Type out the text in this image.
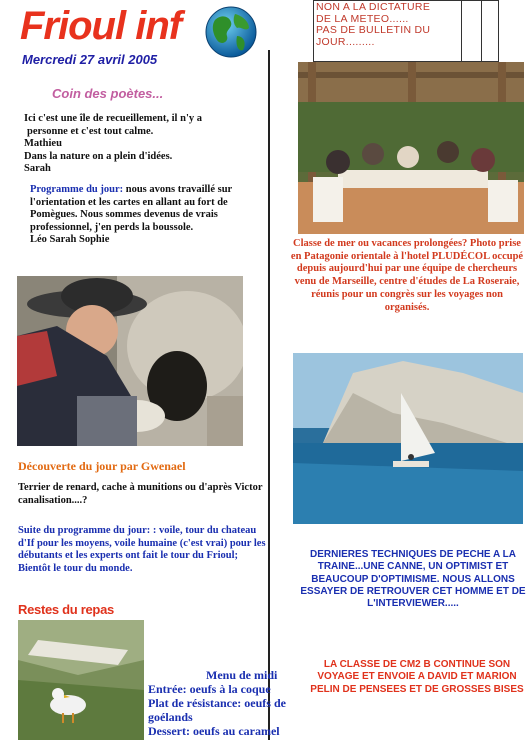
Frioul inf
Mercredi 27 avril 2005
Coin des poètes...
Ici c'est une île de recueillement, il n'y a
personne et c'est tout calme.
Mathieu
Dans la nature on a plein d'idées.
Sarah
Programme du jour: nous avons travaillé sur l'orientation et les cartes en allant au fort de Pomègues. Nous sommes devenus de vrais professionnel, j'en perds la boussole.
Léo Sarah Sophie
Découverte du jour par Gwenael
Terrier de renard, cache à munitions ou d'après Victor canalisation....?
Suite du programme du jour: : voile, tour du chateau d'If pour les moyens, voile humaine (c'est vrai) pour les débutants et les experts ont fait le tour du Frioul; Bientôt le tour du monde.
Restes du repas
Menu de midi
Entrée: oeufs à la coque
Plat de résistance: oeufs de
goélands
Dessert: oeufs au caramel
NON A LA DICTATURE
DE LA METEO......
PAS DE BULLETIN DU
JOUR.........
Classe de mer ou vacances prolongées? Photo prise en Patagonie orientale à l'hotel PLUDÉCOL occupé depuis aujourd'hui par une équipe de chercheurs venu de Marseille, centre d'études de La Roseraie, réunis pour un congrès sur les voyages non organisés.
DERNIERES TECHNIQUES DE PECHE A LA TRAINE...UNE CANNE, UN OPTIMIST ET BEAUCOUP D'OPTIMISME. NOUS ALLONS ESSAYER DE RETROUVER CET HOMME ET DE L'INTERVIEWER.....
LA CLASSE DE CM2 B CONTINUE SON VOYAGE ET ENVOIE A DAVID ET MARION PELIN DE PENSEES ET DE GROSSES BISES
